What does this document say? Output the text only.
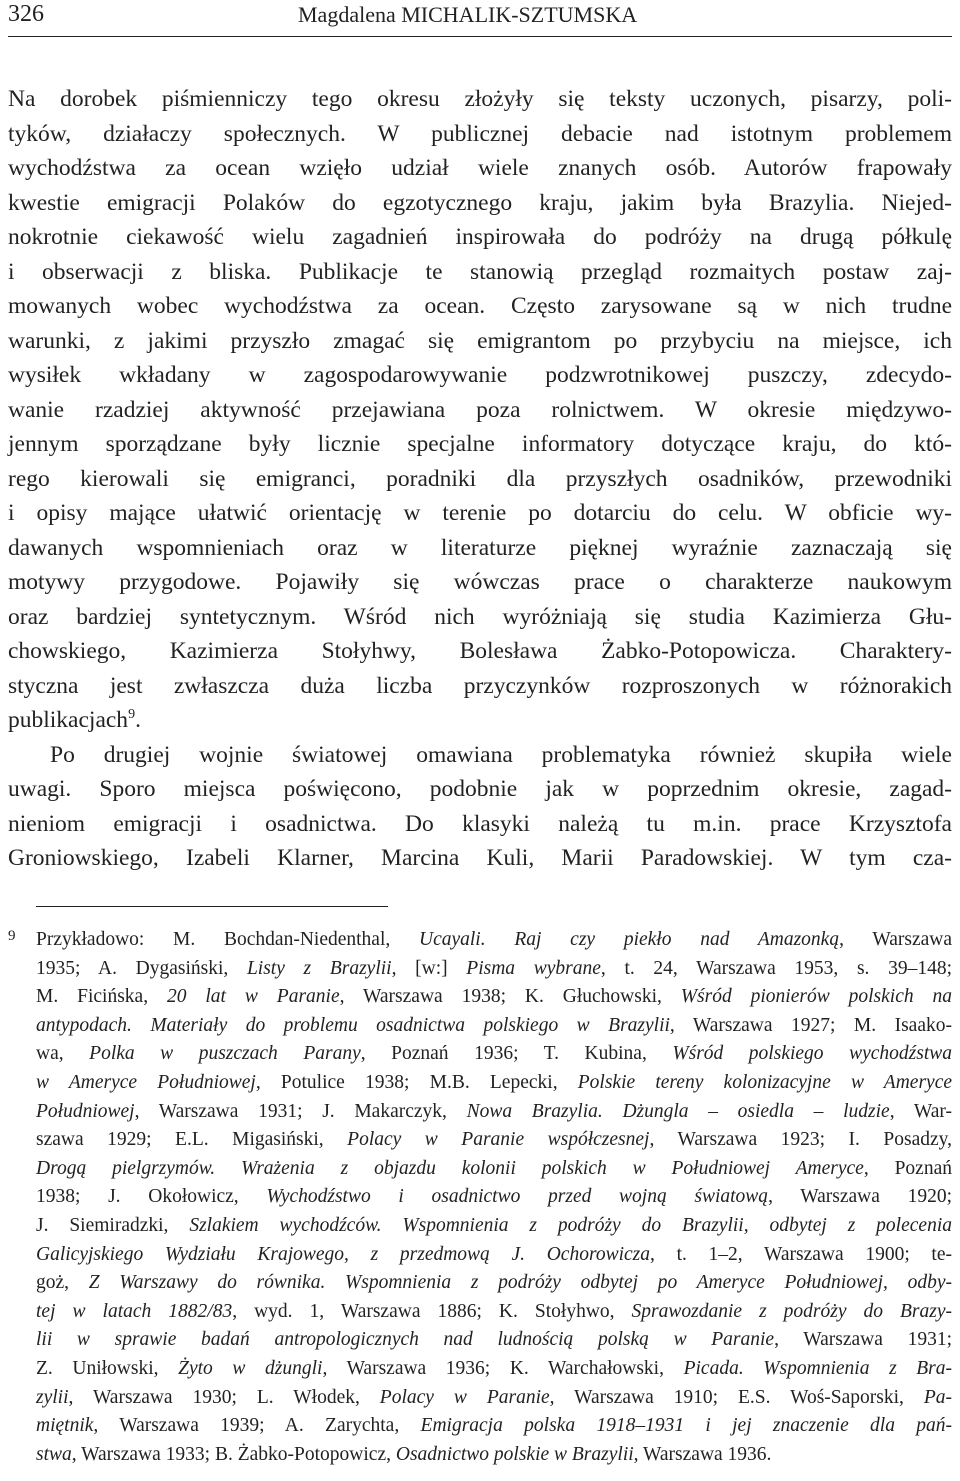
326	Magdalena MICHALIK-SZTUMSKA
Na dorobek piśmienniczy tego okresu złożyły się teksty uczonych, pisarzy, poli-
tyków, działaczy społecznych. W publicznej debacie nad istotnym problemem
wychodźstwa za ocean wzięło udział wiele znanych osób. Autorów frapowały
kwestie emigracji Polaków do egzotycznego kraju, jakim była Brazylia. Niejed-
nokrotnie ciekawość wielu zagadnień inspirowała do podróży na drugą półkulę
i obserwacji z bliska. Publikacje te stanowią przegląd rozmaitych postaw zaj-
mowanych wobec wychodźstwa za ocean. Często zarysowane są w nich trudne
warunki, z jakimi przyszło zmagać się emigrantom po przybyciu na miejsce, ich
wysiłek wkładany w zagospodarowywanie podzwrotnikowej puszczy, zdecydo-
wanie rzadziej aktywność przejawiana poza rolnictwem. W okresie międzywo-
jennym sporządzane były licznie specjalne informatory dotyczące kraju, do któ-
rego kierowali się emigranci, poradniki dla przyszłych osadników, przewodniki
i opisy mające ułatwić orientację w terenie po dotarciu do celu. W obficie wy-
dawanych wspomnieniach oraz w literaturze pięknej wyraźnie zaznaczają się
motywy przygodowe. Pojawiły się wówczas prace o charakterze naukowym
oraz bardziej syntetycznym. Wśród nich wyróżniają się studia Kazimierza Głu-
chowskiego, Kazimierza Stołyhwy, Bolesława Żabko-Potopowicza. Charaktery-
styczna jest zwłaszcza duża liczba przyczynków rozproszonych w różnorakich
publikacjach$^9$.
Po drugiej wojnie światowej omawiana problematyka również skupiła wiele
uwagi. Sporo miejsca poświęcono, podobnie jak w poprzednim okresie, zagad-
nieniom emigracji i osadnictwa. Do klasyki należą tu m.in. prace Krzysztofa
Groniowskiego, Izabeli Klarner, Marcina Kuli, Marii Paradowskiej. W tym cza-
9 Przykładowo: M. Bochdan-Niedenthal, Ucayali. Raj czy piekło nad Amazonką, Warszawa
1935; A. Dygasiński, Listy z Brazylii, [w:] Pisma wybrane, t. 24, Warszawa 1953, s. 39–148;
M. Ficińska, 20 lat w Paranie, Warszawa 1938; K. Głuchowski, Wśród pionierów polskich na
antypodach. Materiały do problemu osadnictwa polskiego w Brazylii, Warszawa 1927; M. Isaako-
wa, Polka w puszczach Parany, Poznań 1936; T. Kubina, Wśród polskiego wychodźstwa
w Ameryce Południowej, Potulice 1938; M.B. Lepecki, Polskie tereny kolonizacyjne w Ameryce
Południowej, Warszawa 1931; J. Makarczyk, Nowa Brazylia. Dżungla – osiedla – ludzie, War-
szawa 1929; E.L. Migasiński, Polacy w Paranie współczesnej, Warszawa 1923; I. Posadzy,
Drogą pielgrzymów. Wrażenia z objazdu kolonii polskich w Południowej Ameryce, Poznań
1938; J. Okołowicz, Wychodźstwo i osadnictwo przed wojną światową, Warszawa 1920;
J. Siemiradzki, Szlakiem wychodźców. Wspomnienia z podróży do Brazylii, odbytej z polecenia
Galicyjskiego Wydziału Krajowego, z przedmową J. Ochorowicza, t. 1–2, Warszawa 1900; te-
goż, Z Warszawy do równika. Wspomnienia z podróży odbytej po Ameryce Południowej, odby-
tej w latach 1882/83, wyd. 1, Warszawa 1886; K. Stołyhwo, Sprawozdanie z podróży do Brazy-
lii w sprawie badań antropologicznych nad ludnością polską w Paranie, Warszawa 1931;
Z. Uniłowski, Żyto w dżungli, Warszawa 1936; K. Warchałowski, Picada. Wspomnienia z Bra-
zylii, Warszawa 1930; L. Włodek, Polacy w Paranie, Warszawa 1910; E.S. Woś-Saporski, Pa-
miętnik, Warszawa 1939; A. Zarychta, Emigracja polska 1918–1931 i jej znaczenie dla pań-
stwa, Warszawa 1933; B. Żabko-Potopowicz, Osadnictwo polskie w Brazylii, Warszawa 1936.
